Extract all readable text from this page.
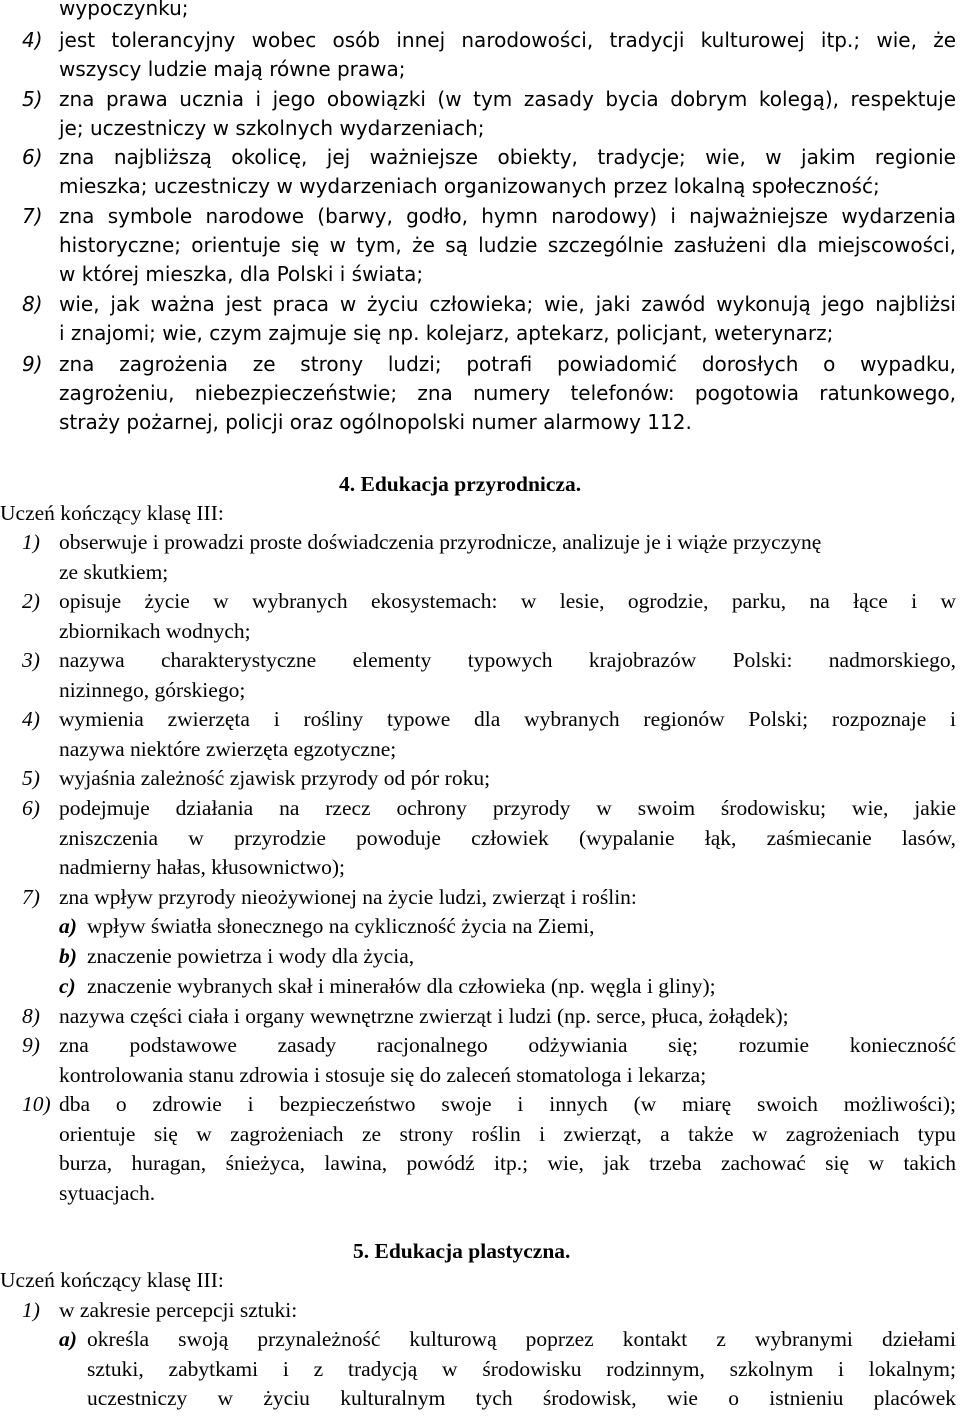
wypoczynku;
4) jest tolerancyjny wobec osób innej narodowości, tradycji kulturowej itp.; wie, że
wszyscy ludzie mają równe prawa;
5) zna prawa ucznia i jego obowiązki (w tym zasady bycia dobrym kolegą), respektuje
je; uczestniczy w szkolnych wydarzeniach;
6) zna najbliższą okolicę, jej ważniejsze obiekty, tradycje; wie, w jakim regionie
mieszka; uczestniczy w wydarzeniach organizowanych przez lokalną społeczność;
7) zna symbole narodowe (barwy, godło, hymn narodowy) i najważniejsze wydarzenia
historyczne; orientuje się w tym, że są ludzie szczególnie zasłużeni dla miejscowości,
w której mieszka, dla Polski i świata;
8) wie, jak ważna jest praca w życiu człowieka; wie, jaki zawód wykonują jego najbliżsi
i znajomi; wie, czym zajmuje się np. kolejarz, aptekarz, policjant, weterynarz;
9) zna zagrożenia ze strony ludzi; potrafi powiadomić dorosłych o wypadku,
zagrożeniu, niebezpieczeństwie; zna numery telefonów: pogotowia ratunkowego,
straży pożarnej, policji oraz ogólnopolski numer alarmowy 112.
4. Edukacja przyrodnicza.
Uczeń kończący klasę III:
1) obserwuje i prowadzi proste doświadczenia przyrodnicze, analizuje je i wiąże przyczynę
ze skutkiem;
2) opisuje życie w wybranych ekosystemach: w lesie, ogrodzie, parku, na łące i w
zbiornikach wodnych;
3) nazywa charakterystyczne elementy typowych krajobrazów Polski: nadmorskiego,
nizinnego, górskiego;
4) wymienia zwierzęta i rośliny typowe dla wybranych regionów Polski; rozpoznaje i
nazywa niektóre zwierzęta egzotyczne;
5) wyjaśnia zależność zjawisk przyrody od pór roku;
6) podejmuje działania na rzecz ochrony przyrody w swoim środowisku; wie, jakie
zniszczenia w przyrodzie powoduje człowiek (wypalanie łąk, zaśmiecanie lasów,
nadmierny hałas, kłusownictwo);
7) zna wpływ przyrody nieożywionej na życie ludzi, zwierząt i roślin:
a) wpływ światła słonecznego na cykliczność życia na Ziemi,
b) znaczenie powietrza i wody dla życia,
c) znaczenie wybranych skał i minerałów dla człowieka (np. węgla i gliny);
8) nazywa części ciała i organy wewnętrzne zwierząt i ludzi (np. serce, płuca, żołądek);
9) zna podstawowe zasady racjonalnego odżywiania się; rozumie konieczność
kontrolowania stanu zdrowia i stosuje się do zaleceń stomatologa i lekarza;
10) dba o zdrowie i bezpieczeństwo swoje i innych (w miarę swoich możliwości);
orientuje się w zagrożeniach ze strony roślin i zwierząt, a także w zagrożeniach typu
burza, huragan, śnieżyca, lawina, powódź itp.; wie, jak trzeba zachować się w takich
sytuacjach.
5. Edukacja plastyczna.
Uczeń kończący klasę III:
1) w zakresie percepcji sztuki:
a) określa swoją przynależność kulturową poprzez kontakt z wybranymi dziełami
sztuki, zabytkami i z tradycją w środowisku rodzinnym, szkolnym i lokalnym;
uczestniczy w życiu kulturalnym tych środowisk, wie o istnieniu placówek
